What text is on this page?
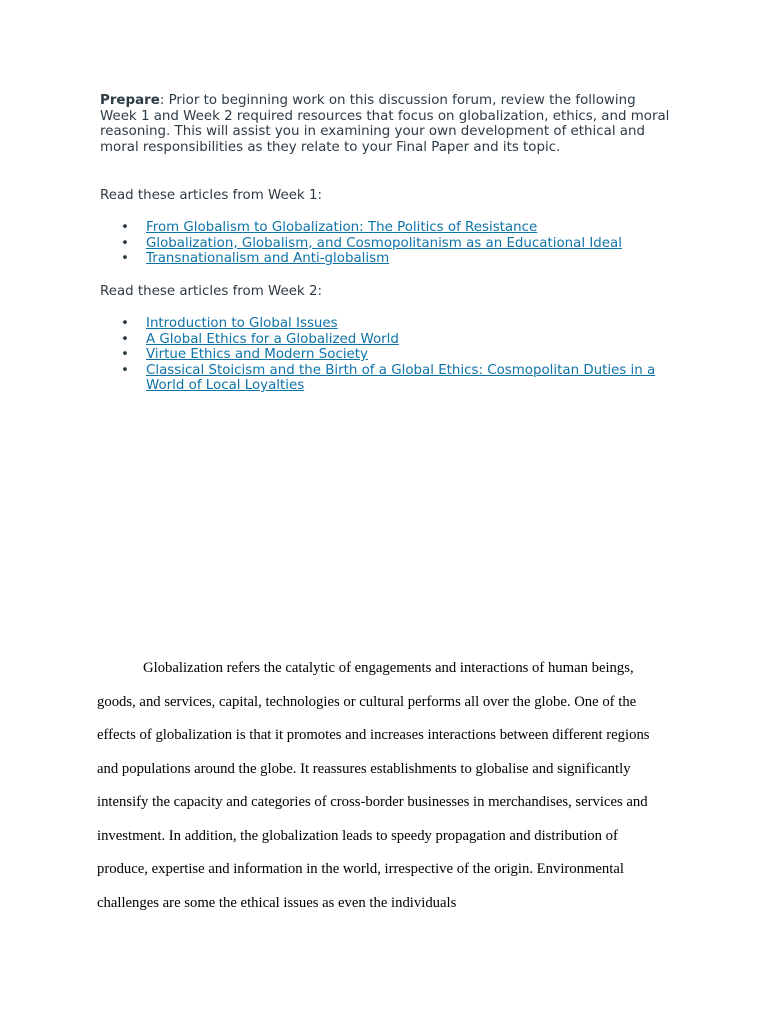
Prepare: Prior to beginning work on this discussion forum, review the following Week 1 and Week 2 required resources that focus on globalization, ethics, and moral reasoning. This will assist you in examining your own development of ethical and moral responsibilities as they relate to your Final Paper and its topic.

Read these articles from Week 1:

• From Globalism to Globalization: The Politics of Resistance
• Globalization, Globalism, and Cosmopolitanism as an Educational Ideal
• Transnationalism and Anti-globalism

Read these articles from Week 2:

• Introduction to Global Issues
• A Global Ethics for a Globalized World
• Virtue Ethics and Modern Society
• Classical Stoicism and the Birth of a Global Ethics: Cosmopolitan Duties in a World of Local Loyalties

Globalization refers the catalytic of engagements and interactions of human beings, goods, and services, capital, technologies or cultural performs all over the globe. One of the effects of globalization is that it promotes and increases interactions between different regions and populations around the globe. It reassures establishments to globalise and significantly intensify the capacity and categories of cross-border businesses in merchandises, services and investment. In addition, the globalization leads to speedy propagation and distribution of produce, expertise and information in the world, irrespective of the origin. Environmental challenges are some the ethical issues as even the individuals
